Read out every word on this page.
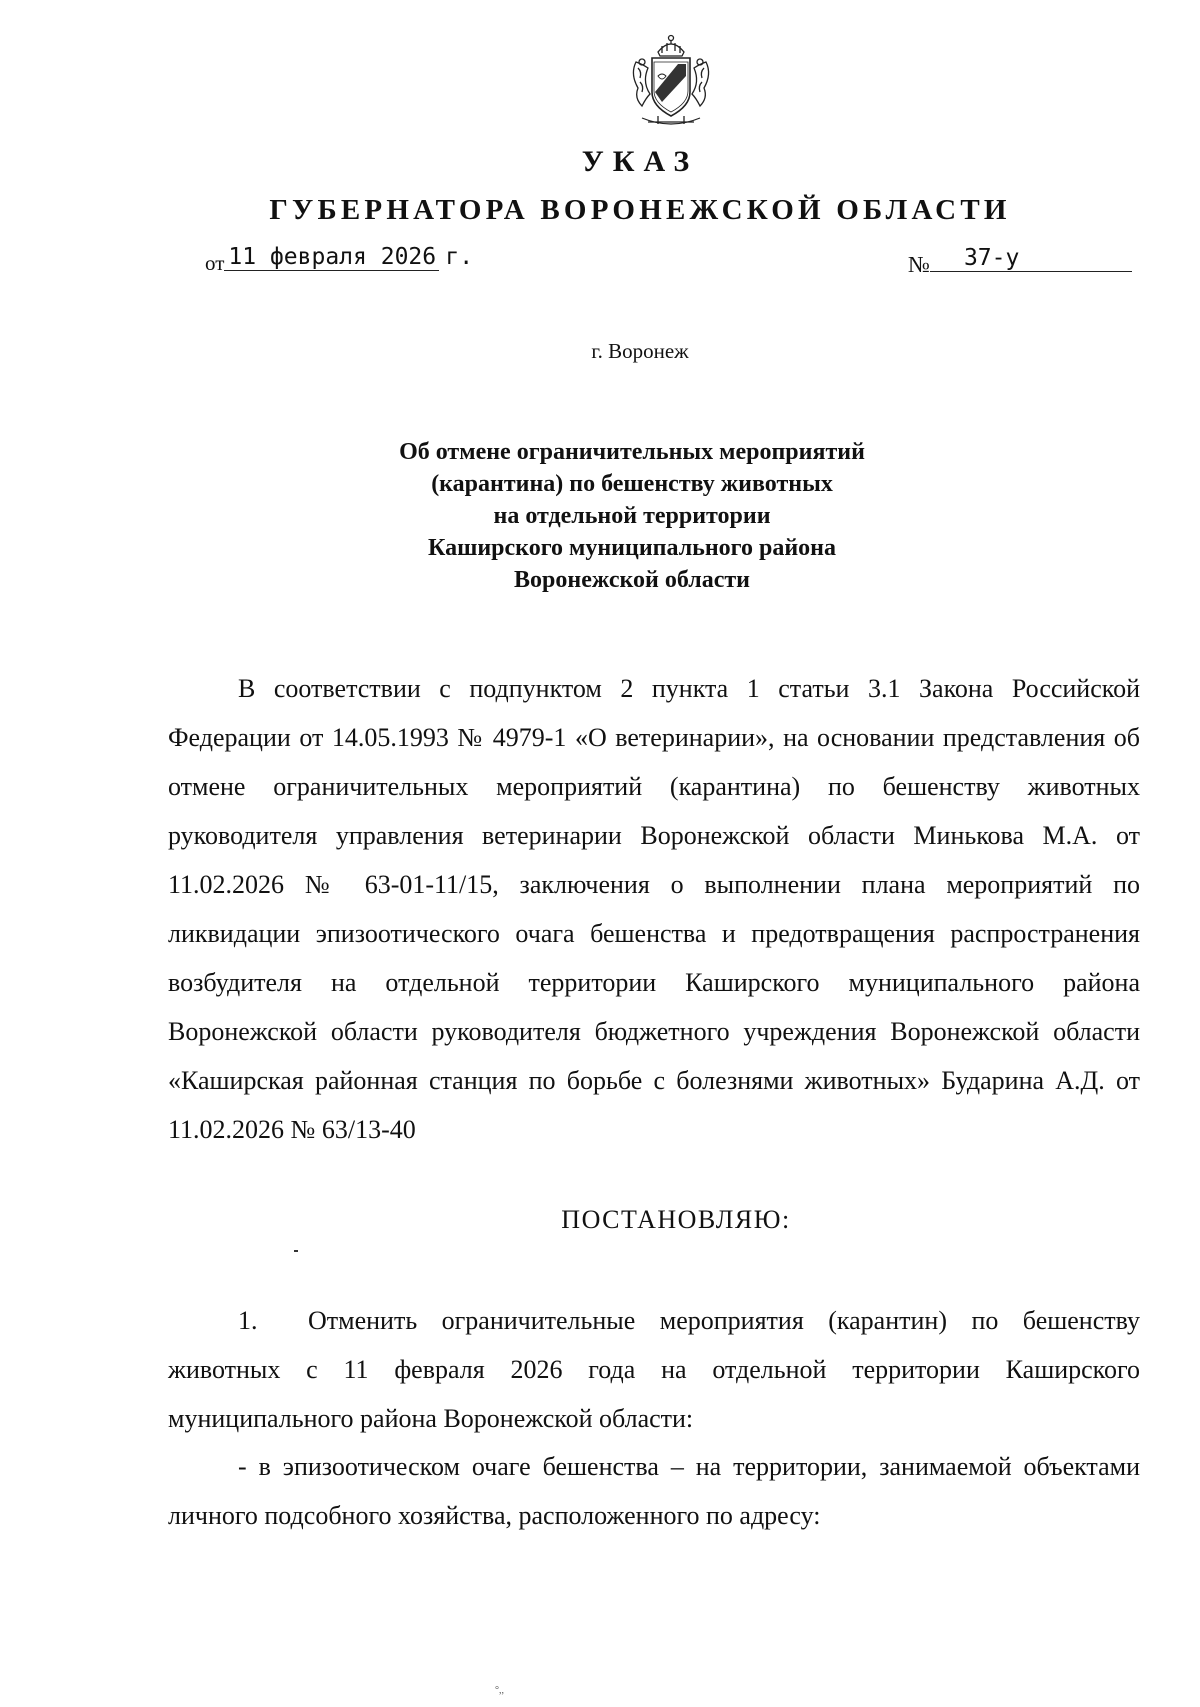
УКАЗ
ГУБЕРНАТОРА ВОРОНЕЖСКОЙ ОБЛАСТИ
от 11 февраля 2026 г.	№ 37-у
г. Воронеж
Об отмене ограничительных мероприятий
(карантина) по бешенству животных
на отдельной территории
Каширского муниципального района
Воронежской области
В соответствии с подпунктом 2 пункта 1 статьи 3.1 Закона Российской Федерации от 14.05.1993 № 4979-1 «О ветеринарии», на основании представления об отмене ограничительных мероприятий (карантина) по бешенству животных руководителя управления ветеринарии Воронежской области Минькова М.А. от 11.02.2026 № 63-01-11/15, заключения о выполнении плана мероприятий по ликвидации эпизоотического очага бешенства и предотвращения распространения возбудителя на отдельной территории Каширского муниципального района Воронежской области руководителя бюджетного учреждения Воронежской области «Каширская районная станция по борьбе с болезнями животных» Бударина А.Д. от 11.02.2026 № 63/13-40
ПОСТАНОВЛЯЮ:
1. Отменить ограничительные мероприятия (карантин) по бешенству животных с 11 февраля 2026 года на отдельной территории Каширского муниципального района Воронежской области:
- в эпизоотическом очаге бешенства – на территории, занимаемой объектами личного подсобного хозяйства, расположенного по адресу:
°,,
